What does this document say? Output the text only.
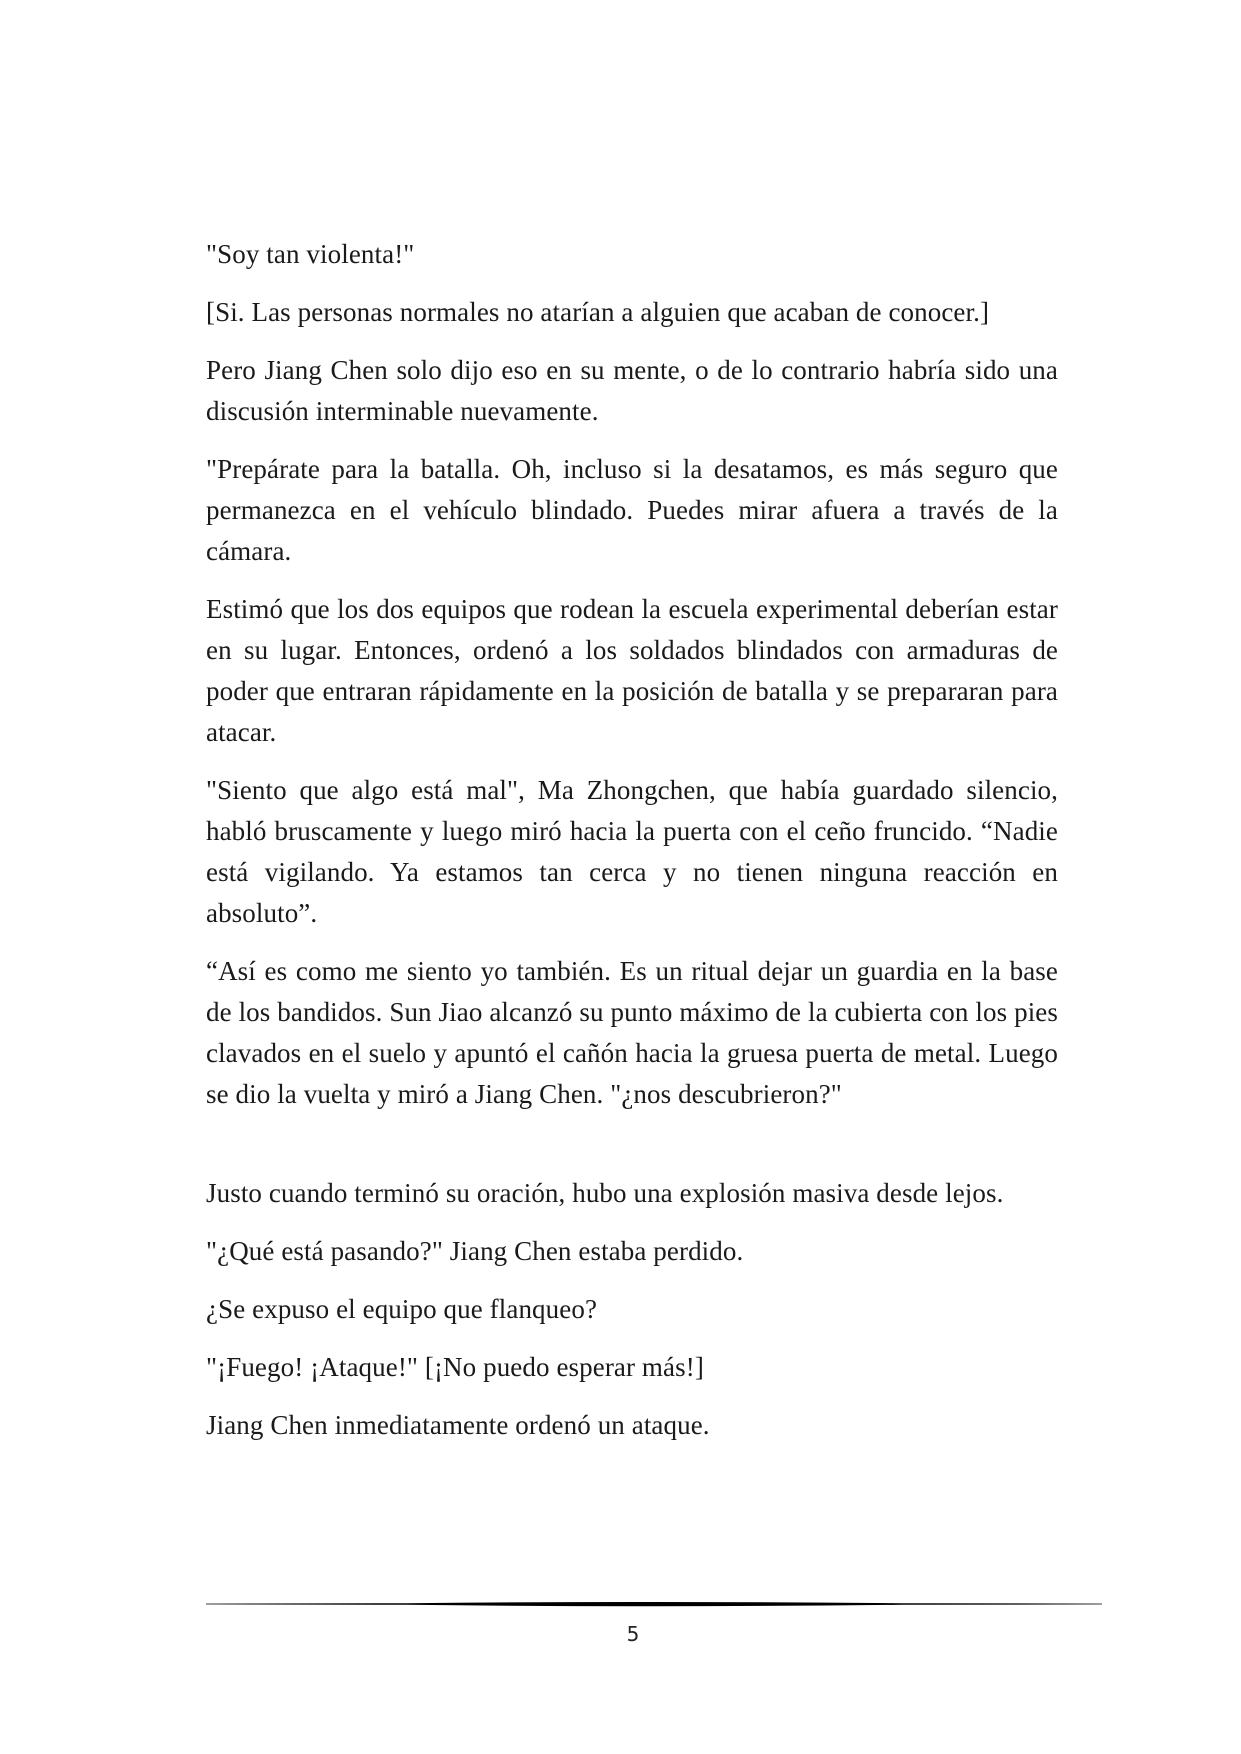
"Soy tan violenta!"

[Si. Las personas normales no atarían a alguien que acaban de conocer.]

Pero Jiang Chen solo dijo eso en su mente, o de lo contrario habría sido una discusión interminable nuevamente.

"Prepárate para la batalla. Oh, incluso si la desatamos, es más seguro que permanezca en el vehículo blindado. Puedes mirar afuera a través de la cámara.

Estimó que los dos equipos que rodean la escuela experimental deberían estar en su lugar. Entonces, ordenó a los soldados blindados con armaduras de poder que entraran rápidamente en la posición de batalla y se prepararan para atacar.

"Siento que algo está mal", Ma Zhongchen, que había guardado silencio, habló bruscamente y luego miró hacia la puerta con el ceño fruncido. “Nadie está vigilando. Ya estamos tan cerca y no tienen ninguna reacción en absoluto”.

“Así es como me siento yo también. Es un ritual dejar un guardia en la base de los bandidos. Sun Jiao alcanzó su punto máximo de la cubierta con los pies clavados en el suelo y apuntó el cañón hacia la gruesa puerta de metal. Luego se dio la vuelta y miró a Jiang Chen. "¿nos descubrieron?"

Justo cuando terminó su oración, hubo una explosión masiva desde lejos.

"¿Qué está pasando?" Jiang Chen estaba perdido.

¿Se expuso el equipo que flanqueo?

"¡Fuego! ¡Ataque!" [¡No puedo esperar más!]

Jiang Chen inmediatamente ordenó un ataque.

5
